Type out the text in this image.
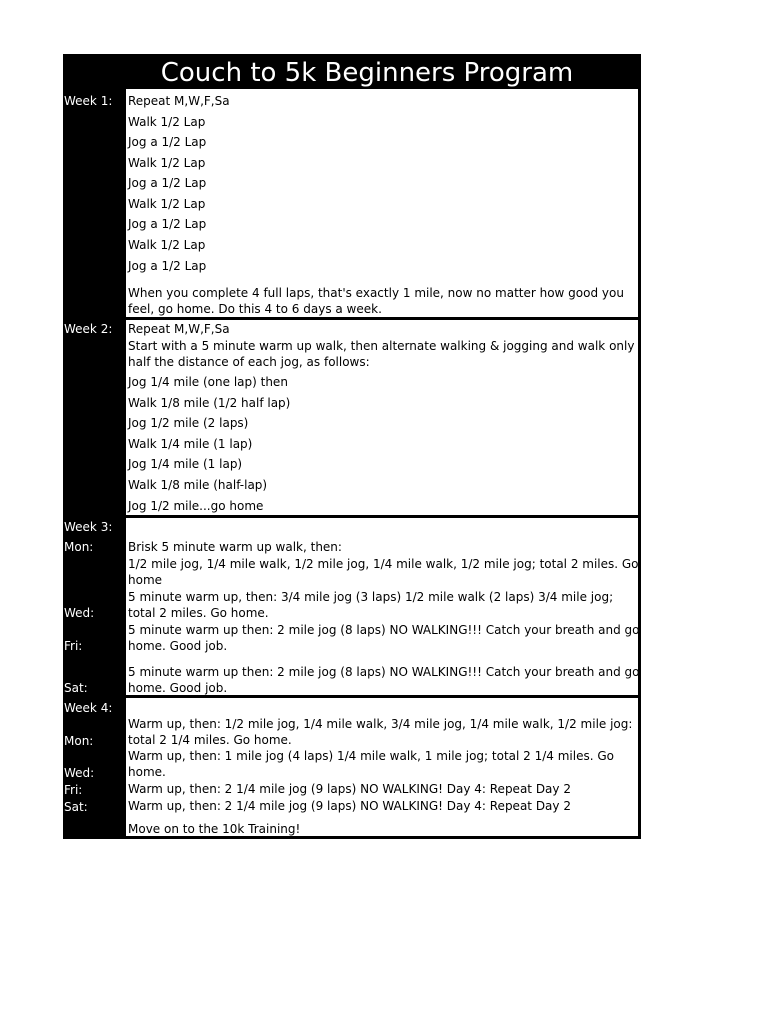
Couch to 5k Beginners Program
Repeat M,W,F,Sa
Walk 1/2 Lap
Jog a 1/2 Lap
Walk 1/2 Lap
Jog a 1/2 Lap
Walk 1/2 Lap
Jog a 1/2 Lap
Walk 1/2 Lap
Jog a 1/2 Lap
When you complete 4 full laps, that's exactly 1 mile, now no matter how good you feel, go home. Do this 4 to 6 days a week.
Repeat M,W,F,Sa
Start with a 5 minute warm up walk, then alternate walking & jogging and walk only half the distance of each jog, as follows:
Jog 1/4 mile (one lap) then
Walk 1/8 mile (1/2 half lap)
Jog 1/2 mile (2 laps)
Walk 1/4 mile (1 lap)
Jog 1/4 mile (1 lap)
Walk 1/8 mile (half-lap)
Jog 1/2 mile...go home
Brisk 5 minute warm up walk, then:
1/2 mile jog, 1/4 mile walk, 1/2 mile jog, 1/4 mile walk, 1/2 mile jog; total 2 miles. Go home
5 minute warm up, then: 3/4 mile jog (3 laps) 1/2 mile walk (2 laps) 3/4 mile jog; total 2 miles. Go home.
5 minute warm up then: 2 mile jog (8 laps) NO WALKING!!! Catch your breath and go home. Good job.
5 minute warm up then: 2 mile jog (8 laps) NO WALKING!!! Catch your breath and go home. Good job.
Warm up, then: 1/2 mile jog, 1/4 mile walk, 3/4 mile jog, 1/4 mile walk, 1/2 mile jog: total 2 1/4 miles. Go home.
Warm up, then: 1 mile jog (4 laps) 1/4 mile walk, 1 mile jog; total 2 1/4 miles. Go home.
Warm up, then: 2 1/4 mile jog (9 laps) NO WALKING! Day 4: Repeat Day 2
Warm up, then: 2 1/4 mile jog (9 laps) NO WALKING! Day 4: Repeat Day 2
Move on to the 10k Training!
Week 1:
Week 2:
Week 3:
Mon:
Wed:
Fri:
Sat:
Week 4:
Mon:
Wed:
Fri:
Sat:
